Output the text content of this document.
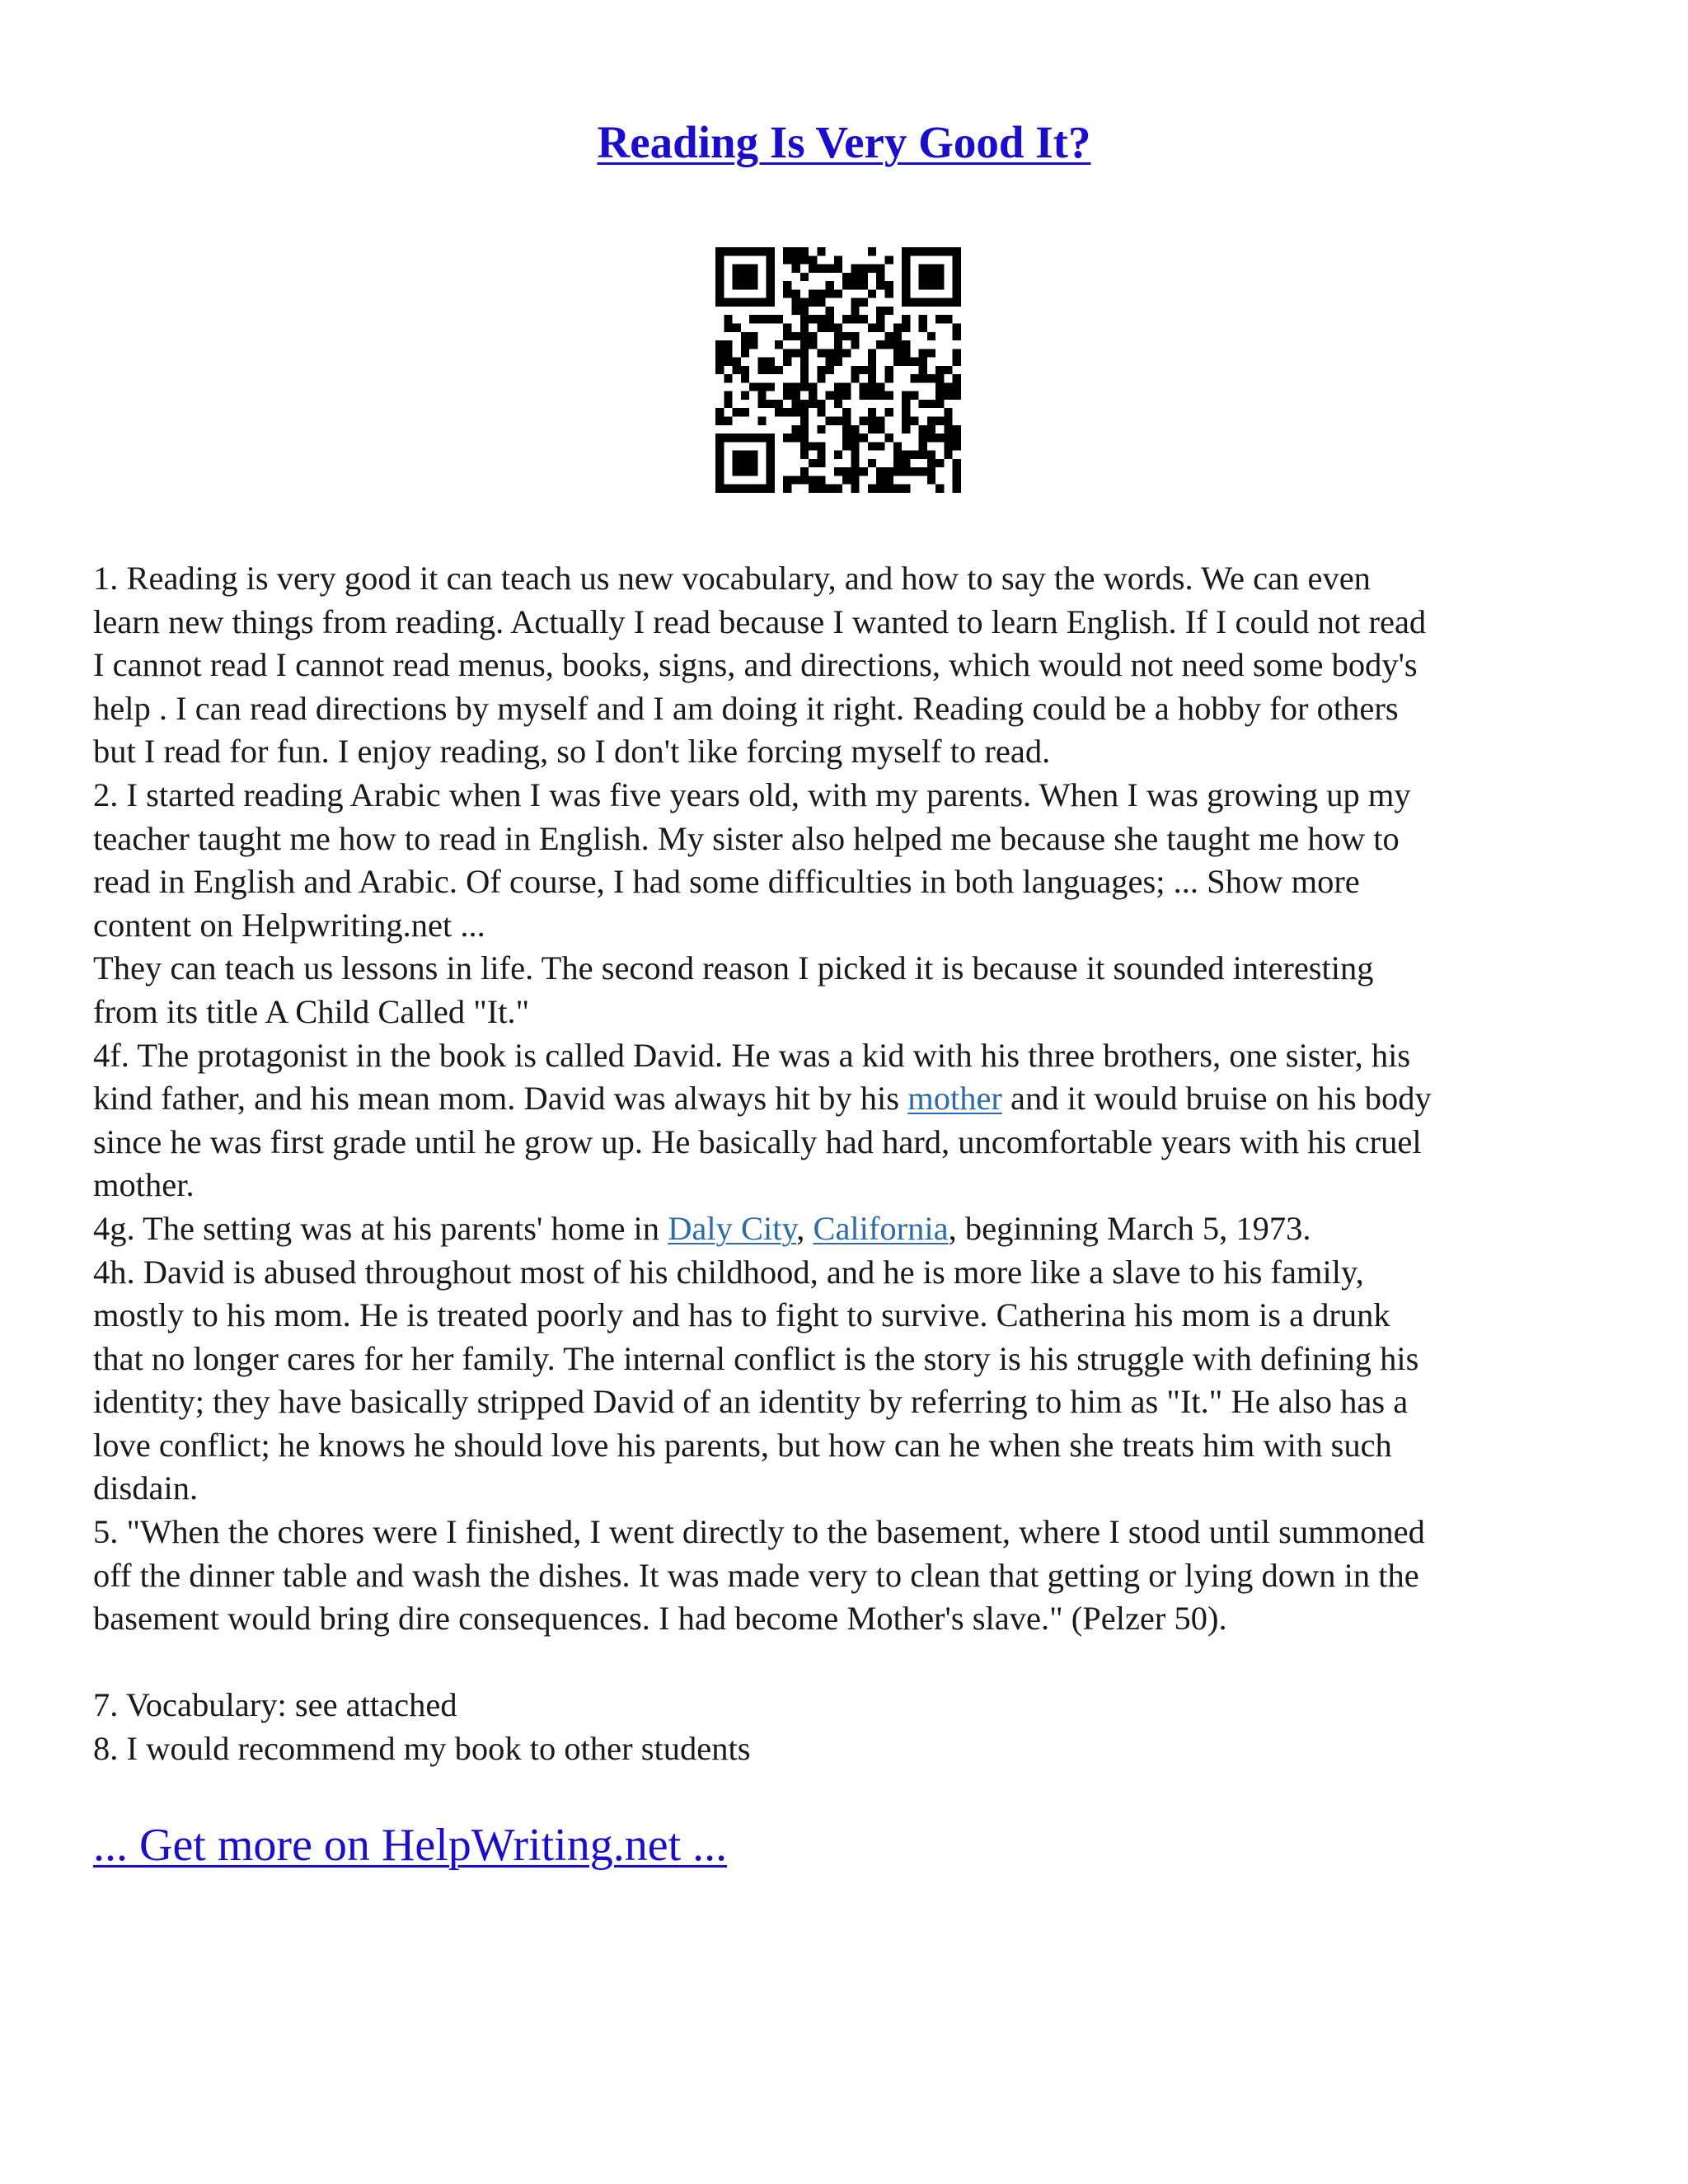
Reading Is Very Good It?

1. Reading is very good it can teach us new vocabulary, and how to say the words. We can even

learn new things from reading. Actually I read because I wanted to learn English. If I could not read

I cannot read I cannot read menus, books, signs, and directions, which would not need some body's

help . I can read directions by myself and I am doing it right. Reading could be a hobby for others

but I read for fun. I enjoy reading, so I don't like forcing myself to read.

2. I started reading Arabic when I was five years old, with my parents. When I was growing up my

teacher taught me how to read in English. My sister also helped me because she taught me how to

read in English and Arabic. Of course, I had some difficulties in both languages; ... Show more

content on Helpwriting.net ...

They can teach us lessons in life. The second reason I picked it is because it sounded interesting

from its title A Child Called "It."

4f. The protagonist in the book is called David. He was a kid with his three brothers, one sister, his

kind father, and his mean mom. David was always hit by his mother and it would bruise on his body

since he was first grade until he grow up. He basically had hard, uncomfortable years with his cruel

mother.

4g. The setting was at his parents' home in Daly City, California, beginning March 5, 1973.

4h. David is abused throughout most of his childhood, and he is more like a slave to his family,

mostly to his mom. He is treated poorly and has to fight to survive. Catherina his mom is a drunk

that no longer cares for her family. The internal conflict is the story is his struggle with defining his

identity; they have basically stripped David of an identity by referring to him as "It." He also has a

love conflict; he knows he should love his parents, but how can he when she treats him with such

disdain.

5. "When the chores were I finished, I went directly to the basement, where I stood until summoned

off the dinner table and wash the dishes. It was made very to clean that getting or lying down in the

basement would bring dire consequences. I had become Mother's slave." (Pelzer 50).

7. Vocabulary: see attached

8. I would recommend my book to other students

... Get more on HelpWriting.net ...
